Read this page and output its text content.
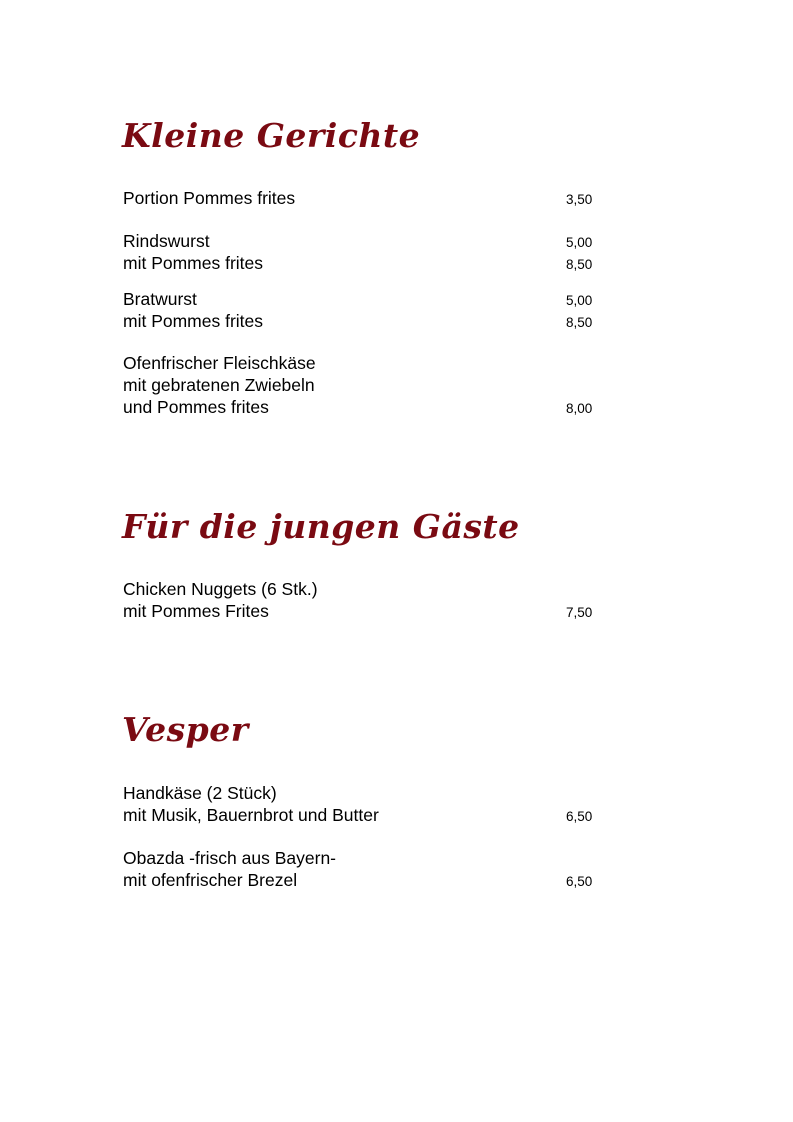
Kleine Gerichte
Portion Pommes frites	3,50
Rindswurst	5,00
mit Pommes frites	8,50
Bratwurst	5,00
mit Pommes frites	8,50
Ofenfrischer Fleischkäse
mit gebratenen Zwiebeln
und Pommes frites	8,00
Für die jungen Gäste
Chicken Nuggets (6 Stk.)
mit Pommes Frites	7,50
Vesper
Handkäse (2 Stück)
mit Musik, Bauernbrot und Butter	6,50
Obazda -frisch aus Bayern-
mit ofenfrischer Brezel	6,50
